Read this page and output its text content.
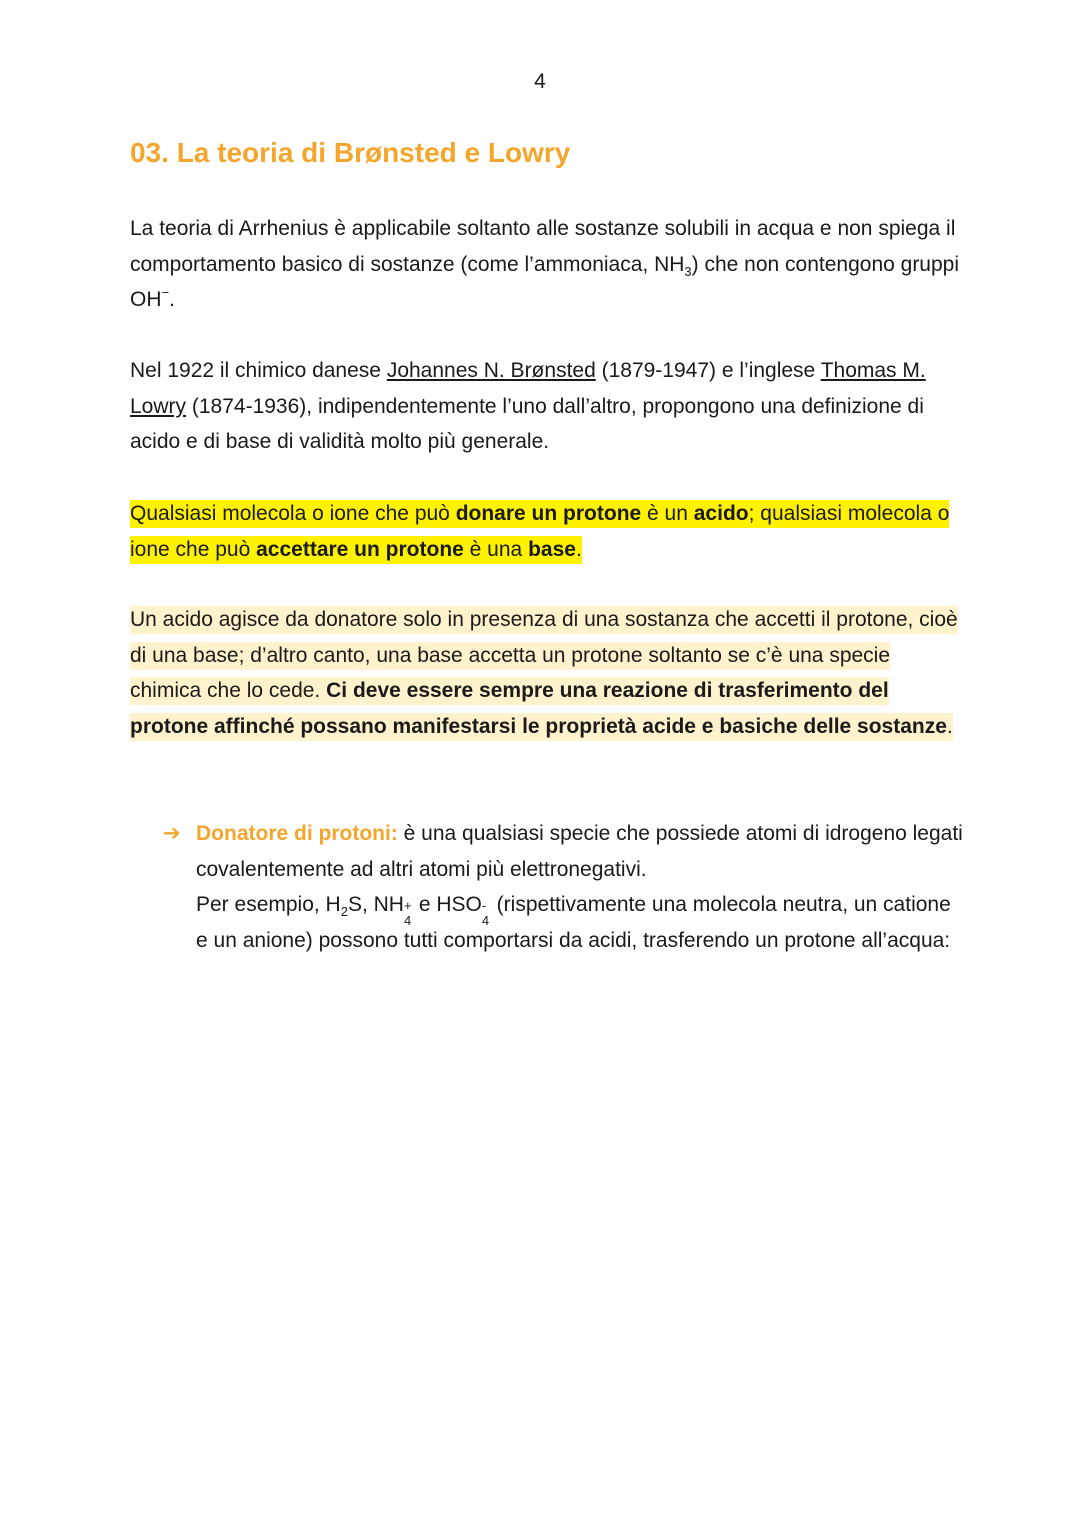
4
03. La teoria di Brønsted e Lowry

La teoria di Arrhenius è applicabile soltanto alle sostanze solubili in acqua e non spiega il comportamento basico di sostanze (come l’ammoniaca, $NH_3$) che non contengono gruppi OH−.

Nel 1922 il chimico danese Johannes N. Brønsted (1879-1947) e l’inglese Thomas M. Lowry (1874-1936), indipendentemente l’uno dall’altro, propongono una definizione di acido e di base di validità molto più generale.

Qualsiasi molecola o ione che può donare un protone è un acido; qualsiasi molecola o ione che può accettare un protone è una base.

Un acido agisce da donatore solo in presenza di una sostanza che accetti il protone, cioè di una base; d’altro canto, una base accetta un protone soltanto se c’è una specie chimica che lo cede. Ci deve essere sempre una reazione di trasferimento del protone affinché possano manifestarsi le proprietà acide e basiche delle sostanze.

➔ Donatore di protoni: è una qualsiasi specie che possiede atomi di idrogeno legati covalentemente ad altri atomi più elettronegativi.
Per esempio, $H_2S$, NH +
4
e HSO -
4
(rispettivamente una molecola neutra, un catione e un anione) possono tutti comportarsi da acidi, trasferendo un protone all’acqua:
